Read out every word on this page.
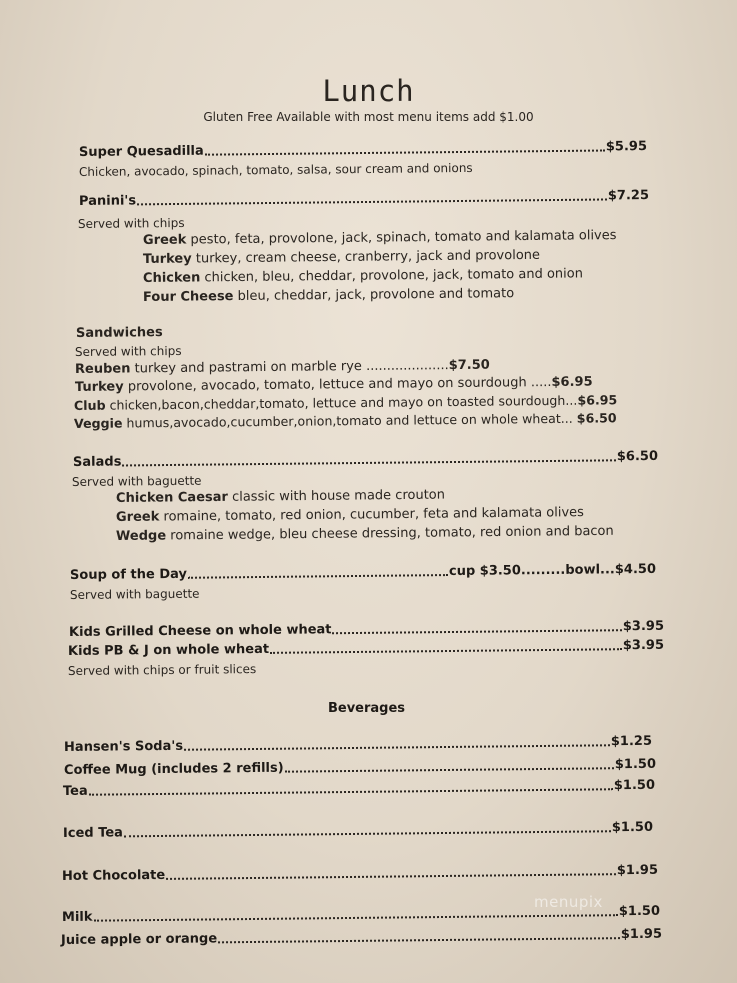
Lunch
Gluten Free Available with most menu items add $1.00
Super Quesadilla	$5.95
Chicken, avocado, spinach, tomato, salsa, sour cream and onions
Panini's	$7.25
Served with chips
Greek pesto, feta, provolone, jack, spinach, tomato and kalamata olives
Turkey turkey, cream cheese, cranberry, jack and provolone
Chicken chicken, bleu, cheddar, provolone, jack, tomato and onion
Four Cheese bleu, cheddar, jack, provolone and tomato
Sandwiches
Served with chips
Reuben turkey and pastrami on marble rye ....................$7.50
Turkey provolone, avocado, tomato, lettuce and mayo on sourdough .....$6.95
Club chicken,bacon,cheddar,tomato, lettuce and mayo on toasted sourdough...$6.95
Veggie humus,avocado,cucumber,onion,tomato and lettuce on whole wheat... $6.50
Salads	$6.50
Served with baguette
Chicken Caesar classic with house made crouton
Greek romaine, tomato, red onion, cucumber, feta and kalamata olives
Wedge romaine wedge, bleu cheese dressing, tomato, red onion and bacon
Soup of the Day	cup $3.50 ......... bowl ... $4.50
Served with baguette
Kids Grilled Cheese on whole wheat	$3.95
Kids PB & J on whole wheat	$3.95
Served with chips or fruit slices
Beverages
Hansen's Soda's	$1.25
Coffee Mug (includes 2 refills)	$1.50
Tea	$1.50
Iced Tea	$1.50
Hot Chocolate	$1.95
Milk	$1.50
Juice apple or orange	$1.95
menupix
